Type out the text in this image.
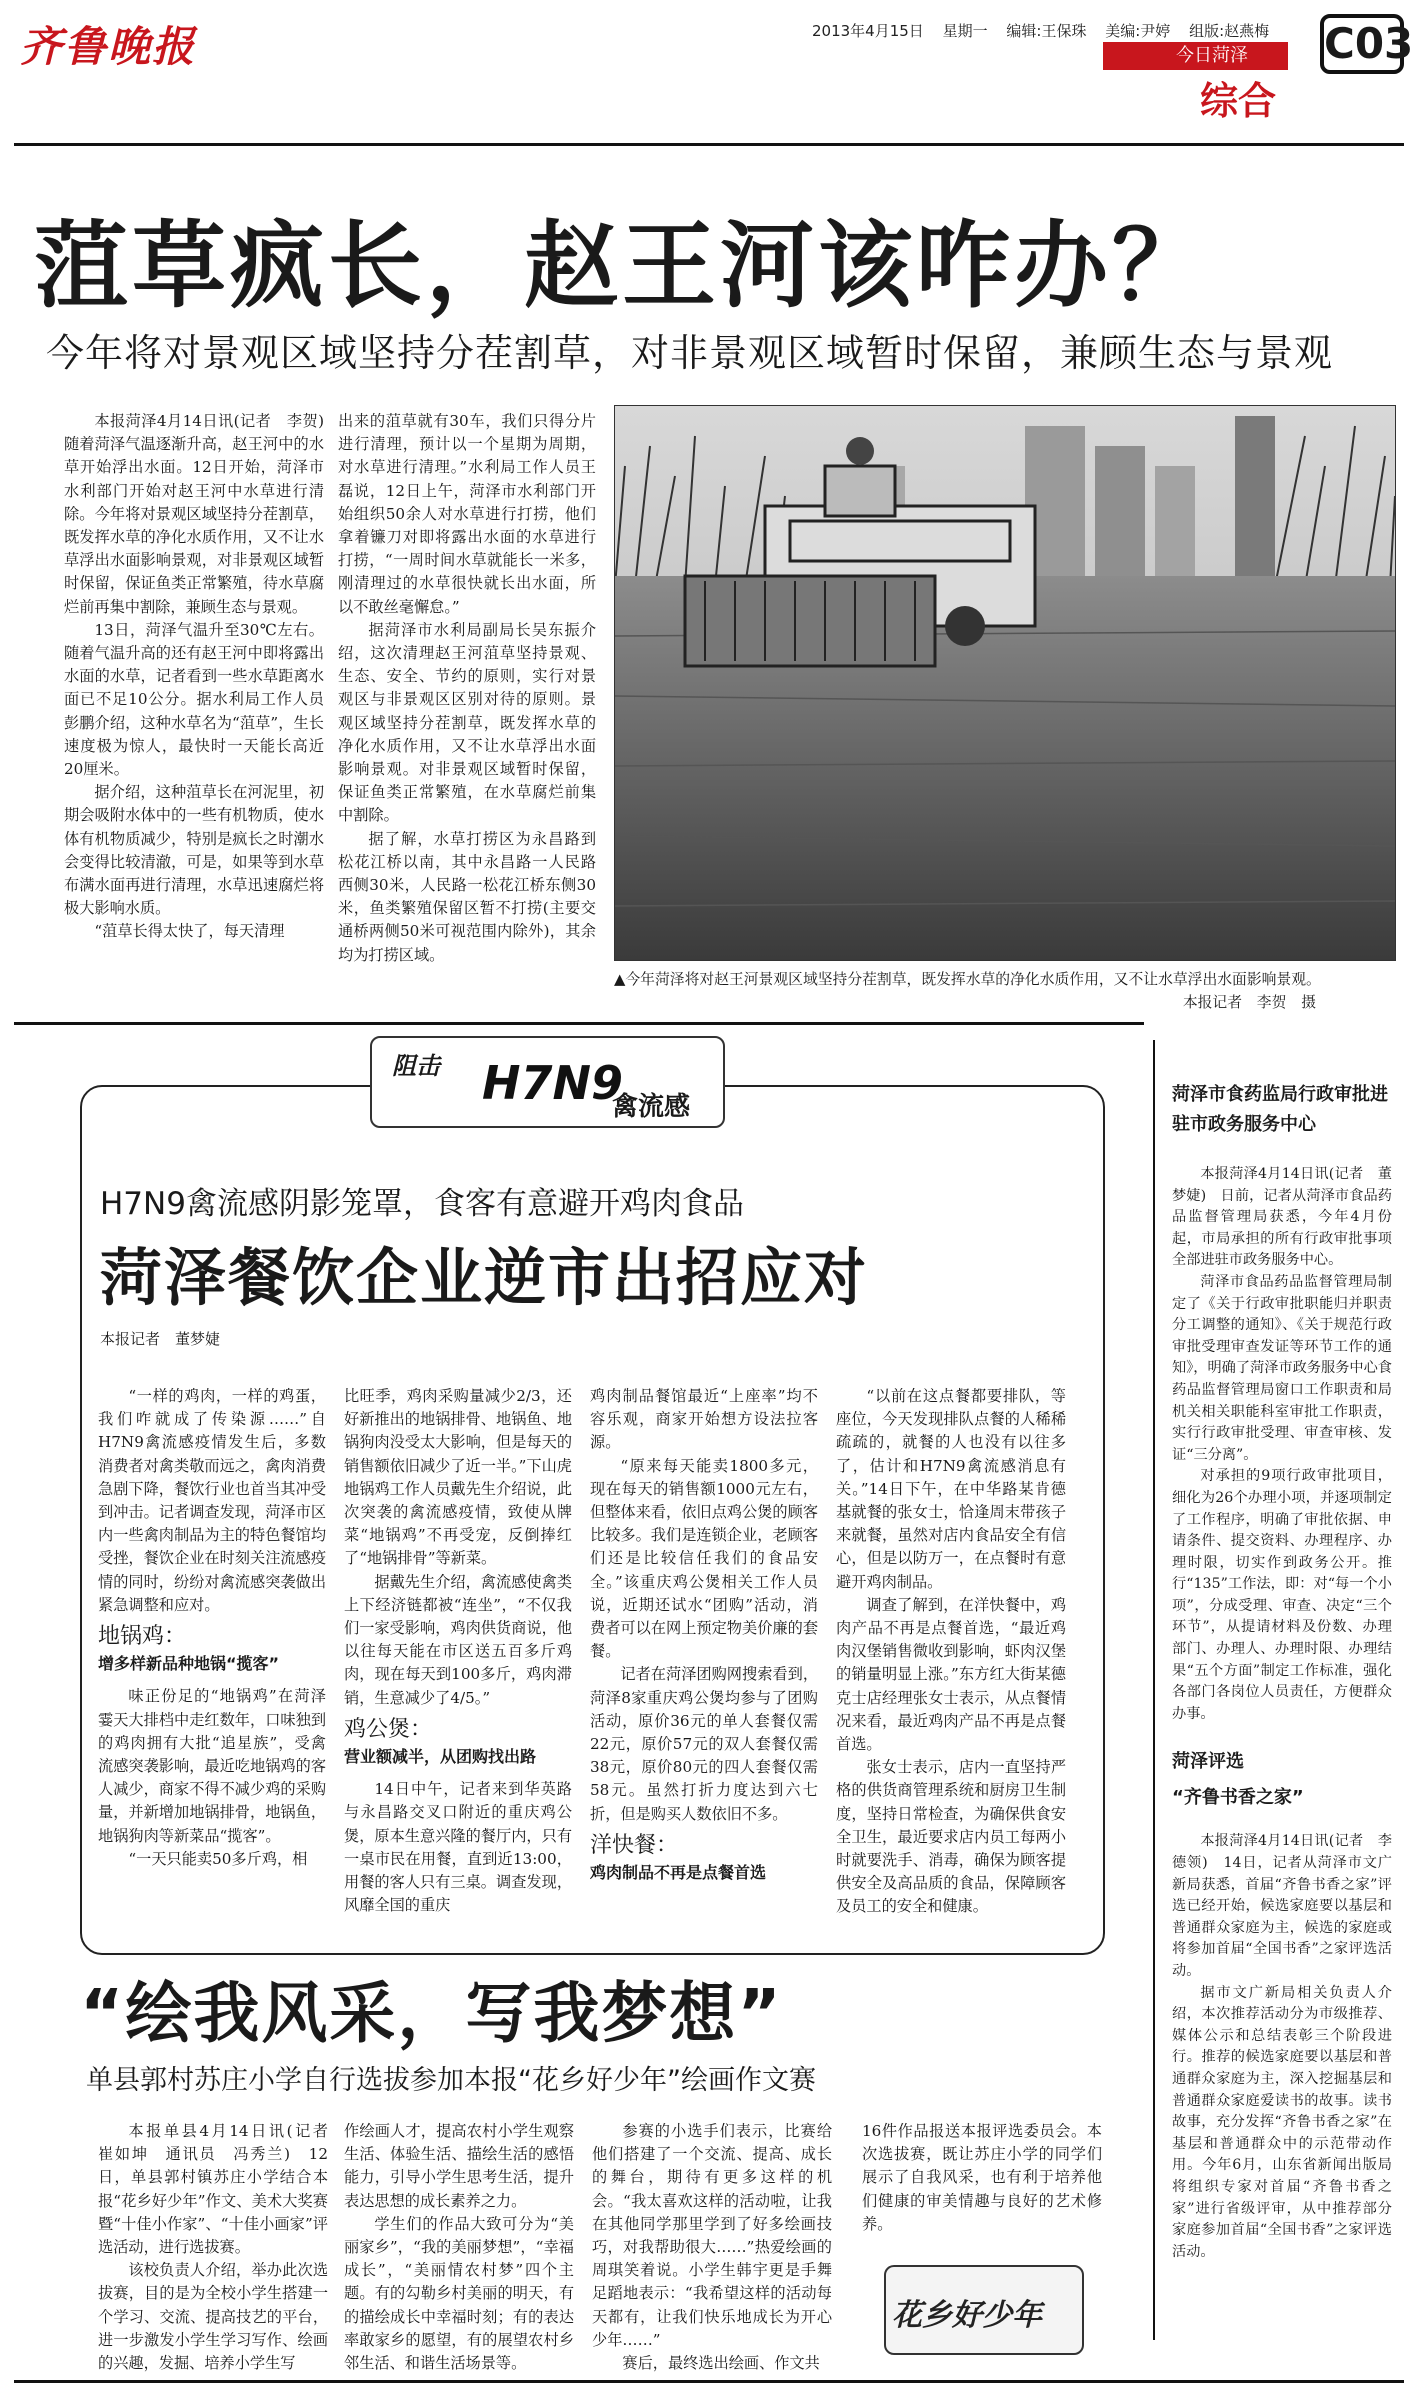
齐鲁晚报	2013年4月15日 星期一 编辑:王保珠 美编:尹婷 组版:赵燕梅
今日菏泽
综合
C03
菹草疯长，赵王河该咋办？
今年将对景观区域坚持分茬割草，对非景观区域暂时保留，兼顾生态与景观

本报菏泽4月14日讯(记者　李贺)　随着菏泽气温逐渐升高，赵王河中的水草开始浮出水面。12日开始，菏泽市水利部门开始对赵王河中水草进行清除。今年将对景观区域坚持分茬割草，既发挥水草的净化水质作用，又不让水草浮出水面影响景观，对非景观区域暂时保留，保证鱼类正常繁殖，待水草腐烂前再集中割除，兼顾生态与景观。

13日，菏泽气温升至30℃左右。随着气温升高的还有赵王河中即将露出水面的水草，记者看到一些水草距离水面已不足10公分。据水利局工作人员彭鹏介绍，这种水草名为“菹草”，生长速度极为惊人，最快时一天能长高近20厘米。

据介绍，这种菹草长在河泥里，初期会吸附水体中的一些有机物质，使水体有机物质减少，特别是疯长之时潮水会变得比较清澈，可是，如果等到水草布满水面再进行清理，水草迅速腐烂将极大影响水质。

“菹草长得太快了，每天清理

出来的菹草就有30车，我们只得分片进行清理，预计以一个星期为周期，对水草进行清理。”水利局工作人员王磊说，12日上午，菏泽市水利部门开始组织50余人对水草进行打捞，他们拿着镰刀对即将露出水面的水草进行打捞，“一周时间水草就能长一米多，刚清理过的水草很快就长出水面，所以不敢丝毫懈怠。”

据菏泽市水利局副局长吴东振介绍，这次清理赵王河菹草坚持景观、生态、安全、节约的原则，实行对景观区与非景观区区别对待的原则。景观区域坚持分茬割草，既发挥水草的净化水质作用，又不让水草浮出水面影响景观。对非景观区域暂时保留，保证鱼类正常繁殖，在水草腐烂前集中割除。

据了解，水草打捞区为永昌路到松花江桥以南，其中永昌路一人民路西侧30米，人民路一松花江桥东侧30米，鱼类繁殖保留区暂不打捞(主要交通桥两侧50米可视范围内除外)，其余均为打捞区域。

▲今年菏泽将对赵王河景观区域坚持分茬割草，既发挥水草的净化水质作用，又不让水草浮出水面影响景观。
本报记者　李贺　摄
阻击 H7N9
禽流感
H7N9禽流感阴影笼罩，食客有意避开鸡肉食品
菏泽餐饮企业逆市出招应对
本报记者　董梦婕

“一样的鸡肉，一样的鸡蛋，我们咋就成了传染源……”自H7N9禽流感疫情发生后，多数消费者对禽类敬而远之，禽肉消费急剧下降，餐饮行业也首当其冲受到冲击。记者调查发现，菏泽市区内一些禽肉制品为主的特色餐馆均受挫，餐饮企业在时刻关注流感疫情的同时，纷纷对禽流感突袭做出紧急调整和应对。

地锅鸡：
增多样新品种地锅“揽客”

味正份足的“地锅鸡”在菏泽霎天大排档中走红数年，口味独到的鸡肉拥有大批“追星族”，受禽流感突袭影响，最近吃地锅鸡的客人减少，商家不得不减少鸡的采购量，并新增加地锅排骨，地锅鱼，地锅狗肉等新菜品“揽客”。

“一天只能卖50多斤鸡，相

比旺季，鸡肉采购量减少2/3，还好新推出的地锅排骨、地锅鱼、地锅狗肉没受太大影响，但是每天的销售额依旧减少了近一半。”下山虎地锅鸡工作人员戴先生介绍说，此次突袭的禽流感疫情，致使从牌菜“地锅鸡”不再受宠，反倒捧红了“地锅排骨”等新菜。

据戴先生介绍，禽流感使禽类上下经济链都被“连坐”，“不仅我们一家受影响，鸡肉供货商说，他以往每天能在市区送五百多斤鸡肉，现在每天到100多斤，鸡肉滞销，生意减少了4/5。”

鸡公煲：
营业额减半，从团购找出路

14日中午，记者来到华英路与永昌路交叉口附近的重庆鸡公煲，原本生意兴隆的餐厅内，只有一桌市民在用餐，直到近13:00，用餐的客人只有三桌。调查发现，风靡全国的重庆

鸡肉制品餐馆最近“上座率”均不容乐观，商家开始想方设法拉客源。

“原来每天能卖1800多元，现在每天的销售额1000元左右，但整体来看，依旧点鸡公煲的顾客比较多。我们是连锁企业，老顾客们还是比较信任我们的食品安全。”该重庆鸡公煲相关工作人员说，近期还试水“团购”活动，消费者可以在网上预定物美价廉的套餐。

记者在菏泽团购网搜索看到，菏泽8家重庆鸡公煲均参与了团购活动，原价36元的单人套餐仅需22元，原价57元的双人套餐仅需38元，原价80元的四人套餐仅需58元。虽然打折力度达到六七折，但是购买人数依旧不多。

洋快餐：
鸡肉制品不再是点餐首选

“以前在这点餐都要排队，等座位，今天发现排队点餐的人稀稀疏疏的，就餐的人也没有以往多了，估计和H7N9禽流感消息有关。”14日下午，在中华路某肯德基就餐的张女士，恰逢周末带孩子来就餐，虽然对店内食品安全有信心，但是以防万一，在点餐时有意避开鸡肉制品。

调查了解到，在洋快餐中，鸡肉产品不再是点餐首选，“最近鸡肉汉堡销售微收到影响，虾肉汉堡的销量明显上涨。”东方红大街某德克士店经理张女士表示，从点餐情况来看，最近鸡肉产品不再是点餐首选。

张女士表示，店内一直坚持严格的供货商管理系统和厨房卫生制度，坚持日常检查，为确保供食安全卫生，最近要求店内员工每两小时就要洗手、消毒，确保为顾客提供安全及高品质的食品，保障顾客及员工的安全和健康。

“绘我风采，写我梦想”
单县郭村苏庄小学自行选拔参加本报“花乡好少年”绘画作文赛

本报单县4月14日讯(记者　崔如坤　通讯员　冯秀兰)　12日，单县郭村镇苏庄小学结合本报“花乡好少年”作文、美术大奖赛暨“十佳小作家”、“十佳小画家”评选活动，进行选拔赛。

该校负责人介绍，举办此次选拔赛，目的是为全校小学生搭建一个学习、交流、提高技艺的平台，进一步激发小学生学习写作、绘画的兴趣，发掘、培养小学生写

作绘画人才，提高农村小学生观察生活、体验生活、描绘生活的感悟能力，引导小学生思考生活，提升表达思想的成长素养之力。

学生们的作品大致可分为“美丽家乡”，“我的美丽梦想”，“幸福成长”，“美丽情农村梦”四个主题。有的勾勒乡村美丽的明天，有的描绘成长中幸福时刻；有的表达率敢家乡的愿望，有的展望农村乡邻生活、和谐生活场景等。

参赛的小选手们表示，比赛给他们搭建了一个交流、提高、成长的舞台，期待有更多这样的机会。“我太喜欢这样的活动啦，让我在其他同学那里学到了好多绘画技巧，对我帮助很大……”热爱绘画的周琪笑着说。小学生韩宇更是手舞足蹈地表示：“我希望这样的活动每天都有，让我们快乐地成长为开心少年……”

赛后，最终选出绘画、作文共

16件作品报送本报评选委员会。本次选拔赛，既让苏庄小学的同学们展示了自我风采，也有利于培养他们健康的审美情趣与良好的艺术修养。

花乡好少年
菏泽市食药监局行政审批进驻市政务服务中心

本报菏泽4月14日讯(记者　董梦婕)　日前，记者从菏泽市食品药品监督管理局获悉，今年4月份起，市局承担的所有行政审批事项全部进驻市政务服务中心。

菏泽市食品药品监督管理局制定了《关于行政审批职能归并职责分工调整的通知》、《关于规范行政审批受理审查发证等环节工作的通知》，明确了菏泽市政务服务中心食药品监督管理局窗口工作职责和局机关相关职能科室审批工作职责，实行行政审批受理、审查审核、发证“三分离”。

对承担的9项行政审批项目，细化为26个办理小项，并逐项制定了工作程序，明确了审批依据、申请条件、提交资料、办理程序、办理时限，切实作到政务公开。推行“135”工作法，即：对“每一个小项”，分成受理、审查、决定“三个环节”，从提请材料及份数、办理部门、办理人、办理时限、办理结果“五个方面”制定工作标准，强化各部门各岗位人员责任，方便群众办事。

菏泽评选
“齐鲁书香之家”

本报菏泽4月14日讯(记者　李德领)　14日，记者从菏泽市文广新局获悉，首届“齐鲁书香之家”评选已经开始，候选家庭要以基层和普通群众家庭为主，候选的家庭或将参加首届“全国书香”之家评选活动。

据市文广新局相关负责人介绍，本次推荐活动分为市级推荐、媒体公示和总结表彰三个阶段进行。推荐的候选家庭要以基层和普通群众家庭为主，深入挖掘基层和普通群众家庭爱读书的故事。读书故事，充分发挥“齐鲁书香之家”在基层和普通群众中的示范带动作用。今年6月，山东省新闻出版局将组织专家对首届“齐鲁书香之家”进行省级评审，从中推荐部分家庭参加首届“全国书香”之家评选活动。
